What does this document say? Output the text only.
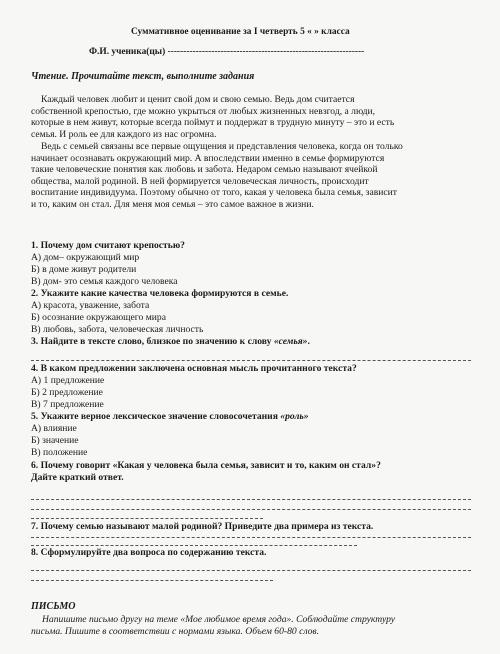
Суммативное оценивание за I четверть 5 « » класса
Ф.И. ученика(цы) ---------------------------------------------------------------
Чтение. Прочитайте текст, выполните задания
Каждый человек любит и ценит свой дом и свою семью. Ведь дом считается
собственной крепостью, где можно укрыться от любых жизненных невзгод, а люди,
которые в нем живут, которые всегда поймут и поддержат в трудную минуту – это и есть
семья. И роль ее для каждого из нас огромна.
Ведь с семьей связаны все первые ощущения и представления человека, когда он только
начинает осознавать окружающий мир. А впоследствии именно в семье формируются
такие человеческие понятия как любовь и забота. Недаром семью называют ячейкой
общества, малой родиной. В ней формируется человеческая личность, происходит
воспитание индивидуума. Поэтому обычно от того, какая у человека была семья, зависит
и то, каким он стал. Для меня моя семья – это самое важное в жизни.
1. Почему дом считают крепостью?
А) дом– окружающий мир
Б) в доме живут родители
В) дом- это семья каждого человека
2. Укажите какие качества человека формируются в семье.
А) красота, уважение, забота
Б) осознание окружающего мира
В) любовь, забота, человеческая личность
3. Найдите в тексте слово, близкое по значению к слову «семья».
4. В каком предложении заключена основная мысль прочитанного текста?
А) 1 предложение
Б) 2 предложение
В) 7 предложение
5. Укажите верное лексическое значение словосочетания «роль»
А) влияние
Б) значение
В) положение
6. Почему говорит «Какая у человека была семья, зависит и то, каким он стал»?
Дайте краткий ответ.
7. Почему семью называют малой родиной? Приведите два примера из текста.
8. Сформулируйте два вопроса по содержанию текста.
ПИСЬМО
Напишите письмо другу на теме «Мое любимое время года». Соблюдайте структуру
письма. Пишите в соответствии с нормами языка. Объем 60-80 слов.
